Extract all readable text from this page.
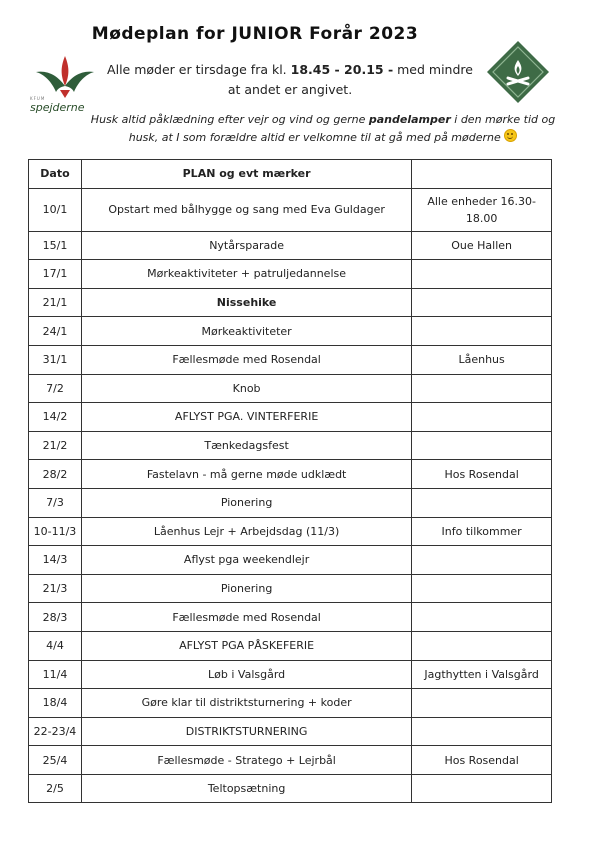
Mødeplan for JUNIOR Forår 2023
KFUM
spejderne
Alle møder er tirsdage fra kl. 18.45 - 20.15 - med mindre at andet er angivet.
Husk altid påklædning efter vejr og vind og gerne pandelamper i den mørke tid og husk, at I som forældre altid er velkomne til at gå med på møderne
Dato	PLAN og evt mærker	
10/1	Opstart med bålhygge og sang med Eva Guldager	Alle enheder 16.30-18.00
15/1	Nytårsparade	Oue Hallen
17/1	Mørkeaktiviteter + patruljedannelse	
21/1	Nissehike	
24/1	Mørkeaktiviteter	
31/1	Fællesmøde med Rosendal	Låenhus
7/2	Knob	
14/2	AFLYST PGA. VINTERFERIE	
21/2	Tænkedagsfest	
28/2	Fastelavn - må gerne møde udklædt	Hos Rosendal
7/3	Pionering	
10-11/3	Låenhus Lejr + Arbejdsdag (11/3)	Info tilkommer
14/3	Aflyst pga weekendlejr	
21/3	Pionering	
28/3	Fællesmøde med Rosendal	
4/4	AFLYST PGA PÅSKEFERIE	
11/4	Løb i Valsgård	Jagthytten i Valsgård
18/4	Gøre klar til distriktsturnering + koder	
22-23/4	DISTRIKTSTURNERING	
25/4	Fællesmøde - Stratego + Lejrbål	Hos Rosendal
2/5	Teltopsætning	
